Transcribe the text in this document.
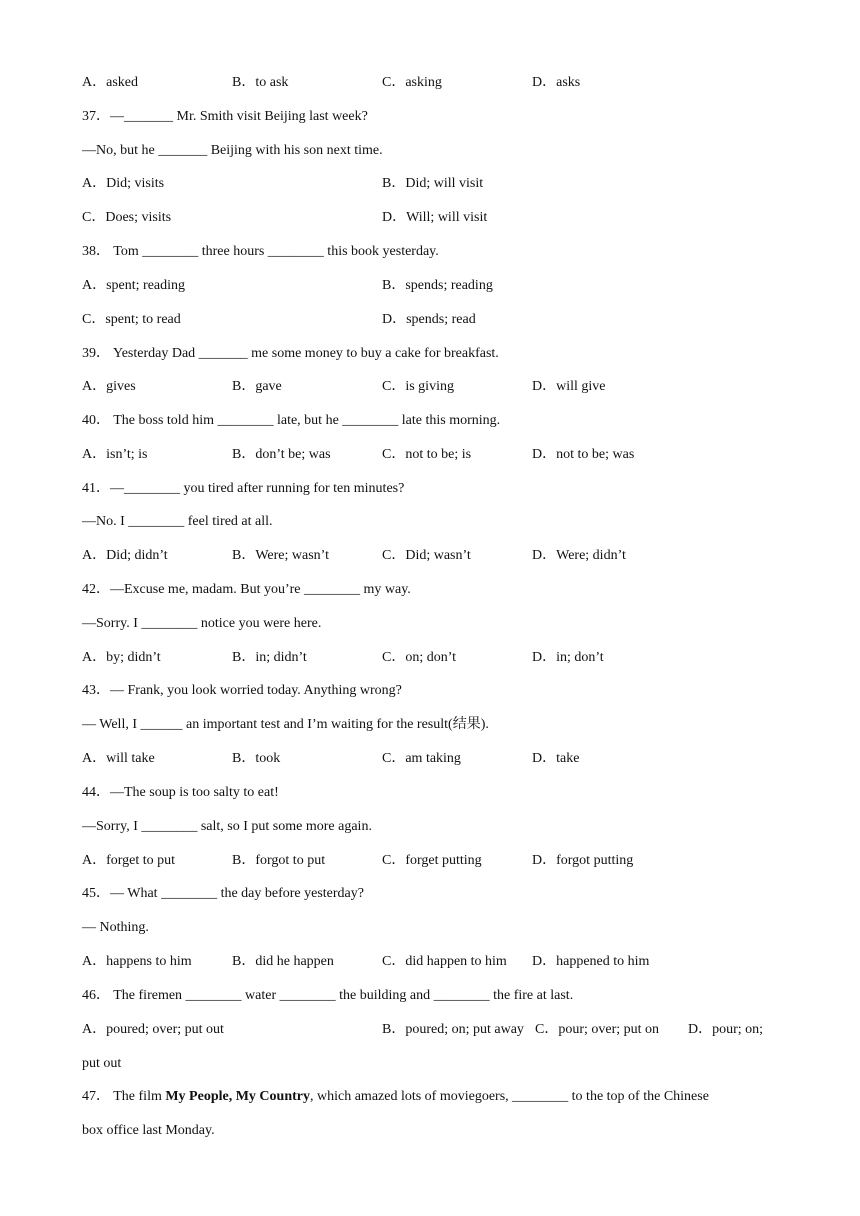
A．asked	B．to ask	C．asking	D．asks
37．—_______ Mr. Smith visit Beijing last week?
—No, but he _______ Beijing with his son next time.
A．Did; visits	B．Did; will visit
C．Does; visits	D．Will; will visit
38． Tom ________ three hours ________ this book yesterday.
A．spent; reading	B．spends; reading
C．spent; to read	D．spends; read
39． Yesterday Dad _______ me some money to buy a cake for breakfast.
A．gives	B．gave	C．is giving	D．will give
40． The boss told him ________ late, but he ________ late this morning.
A．isn’t; is	B．don’t be; was	C．not to be; is	D．not to be; was
41．—________ you tired after running for ten minutes?
—No. I ________ feel tired at all.
A．Did; didn’t	B．Were; wasn’t	C．Did; wasn’t	D．Were; didn’t
42．—Excuse me, madam. But you’re ________ my way.
—Sorry. I ________ notice you were here.
A．by; didn’t	B．in; didn’t	C．on; don’t	D．in; don’t
43．— Frank, you look worried today. Anything wrong?
— Well, I ______ an important test and I’m waiting for the result(结果).
A．will take	B．took	C．am taking	D．take
44．—The soup is too salty to eat!
—Sorry, I ________ salt, so I put some more again.
A．forget to put	B．forgot to put	C．forget putting	D．forgot putting
45．— What ________ the day before yesterday?
— Nothing.
A．happens to him	B．did he happen	C．did happen to him D．happened to him
46． The firemen ________ water ________ the building and ________ the fire at last.
A．poured; over; put out	B．poured; on; put away C．pour; over; put on D．pour; on;
put out
47． The film My People, My Country, which amazed lots of moviegoers, ________ to the top of the Chinese
box office last Monday.
